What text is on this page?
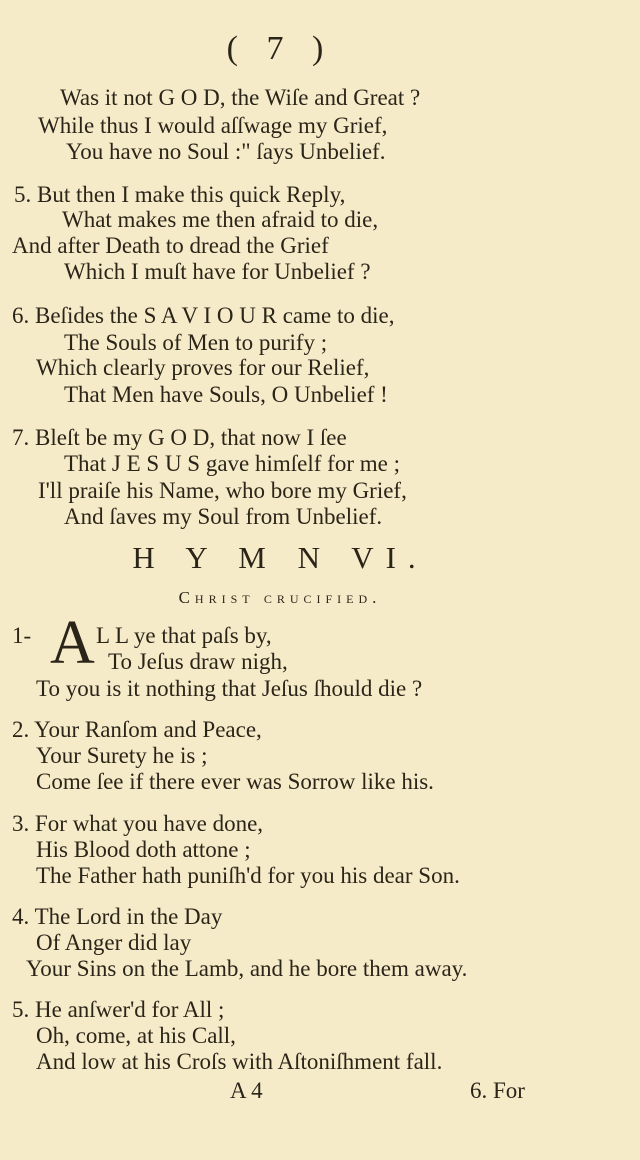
( 7 )
Was it not G O D, the Wiſe and Great ?
While thus I would aſſwage my Grief,
You have no Soul :" ſays Unbelief.
5. But then I make this quick Reply,
What makes me then afraid to die,
And after Death to dread the Grief
Which I muſt have for Unbelief ?
6. Beſides the S A V I O U R came to die,
The Souls of Men to purify ;
Which clearly proves for our Relief,
That Men have Souls, O Unbelief !
7. Bleſt be my G O D, that now I ſee
That J E S U S gave himſelf for me ;
I'll praiſe his Name, who bore my Grief,
And ſaves my Soul from Unbelief.
H Y M N VI.
Christ crucified.
1- A L L ye that paſs by,
To Jeſus draw nigh,
To you is it nothing that Jeſus ſhould die ?
2. Your Ranſom and Peace,
Your Surety he is ;
Come ſee if there ever was Sorrow like his.
3. For what you have done,
His Blood doth attone ;
The Father hath puniſh'd for you his dear Son.
4. The Lord in the Day
Of Anger did lay
Your Sins on the Lamb, and he bore them away.
5. He anſwer'd for All ;
Oh, come, at his Call,
And low at his Croſs with Aſtoniſhment fall.
A 4	6. For
